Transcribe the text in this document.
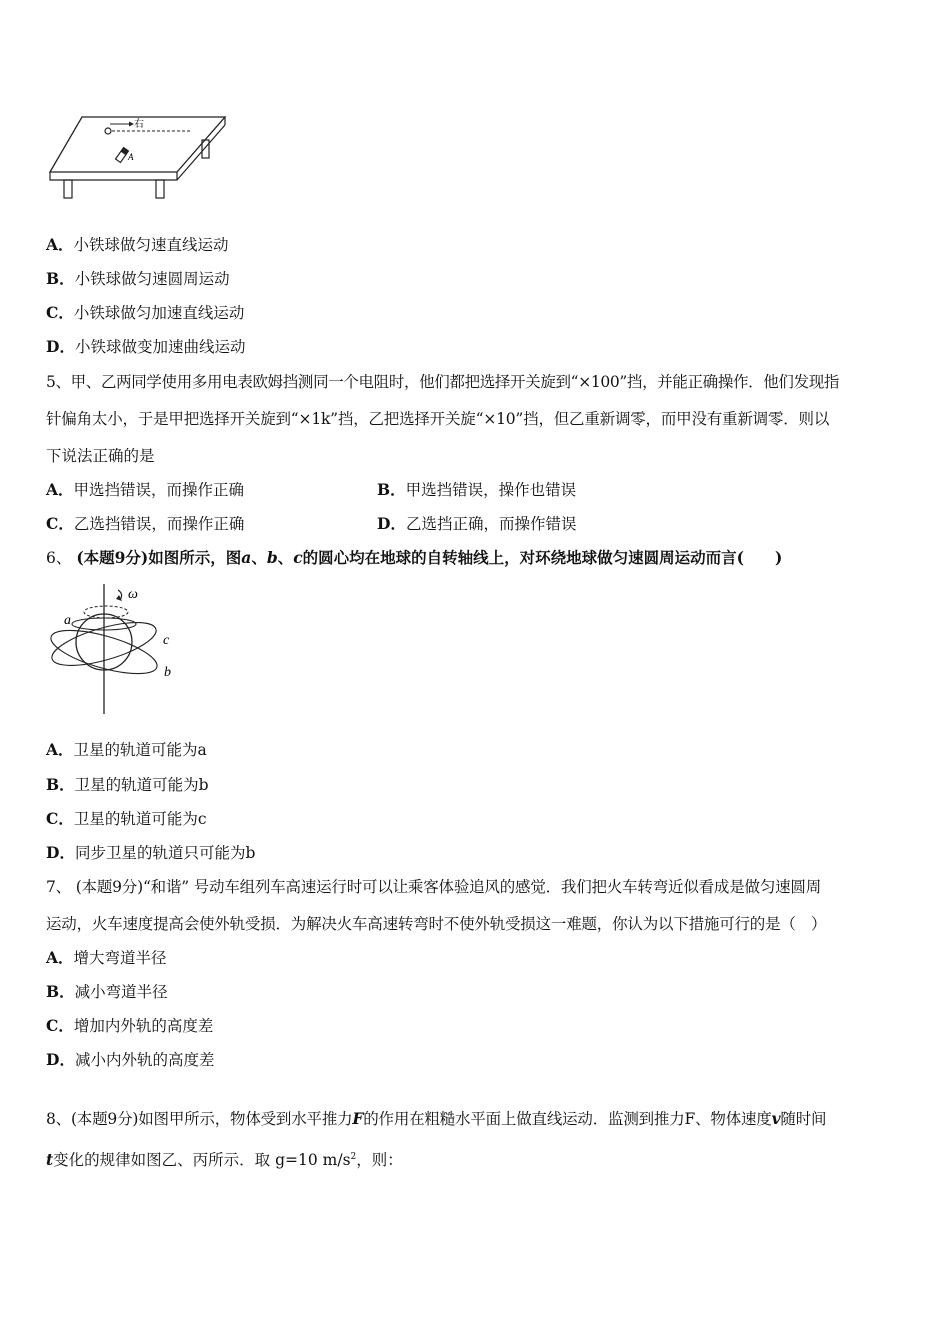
右
A
A．小铁球做匀速直线运动
B．小铁球做匀速圆周运动
C．小铁球做匀加速直线运动
D．小铁球做变加速曲线运动
5、甲、乙两同学使用多用电表欧姆挡测同一个电阻时，他们都把选择开关旋到“×100”挡，并能正确操作．他们发现指
针偏角太小，于是甲把选择开关旋到“×1k”挡，乙把选择开关旋“×10”挡，但乙重新调零，而甲没有重新调零．则以
下说法正确的是
A．甲选挡错误，而操作正确	B．甲选挡错误，操作也错误
C．乙选挡错误，而操作正确	D．乙选挡正确，而操作错误
6、 (本题9分)如图所示，图a、b、c的圆心均在地球的自转轴线上，对环绕地球做匀速圆周运动而言(　　)
ω
a
c
b
A．卫星的轨道可能为a
B．卫星的轨道可能为b
C．卫星的轨道可能为c
D．同步卫星的轨道只可能为b
7、 (本题9分)“和谐” 号动车组列车高速运行时可以让乘客体验追风的感觉．我们把火车转弯近似看成是做匀速圆周
运动，火车速度提高会使外轨受损．为解决火车高速转弯时不使外轨受损这一难题，你认为以下措施可行的是（　）
A．增大弯道半径
B．减小弯道半径
C．增加内外轨的高度差
D．减小内外轨的高度差
8、(本题9分)如图甲所示，物体受到水平推力F的作用在粗糙水平面上做直线运动．监测到推力F、物体速度v随时间
t变化的规律如图乙、丙所示．取 g=10 $m/s^2$，则：
